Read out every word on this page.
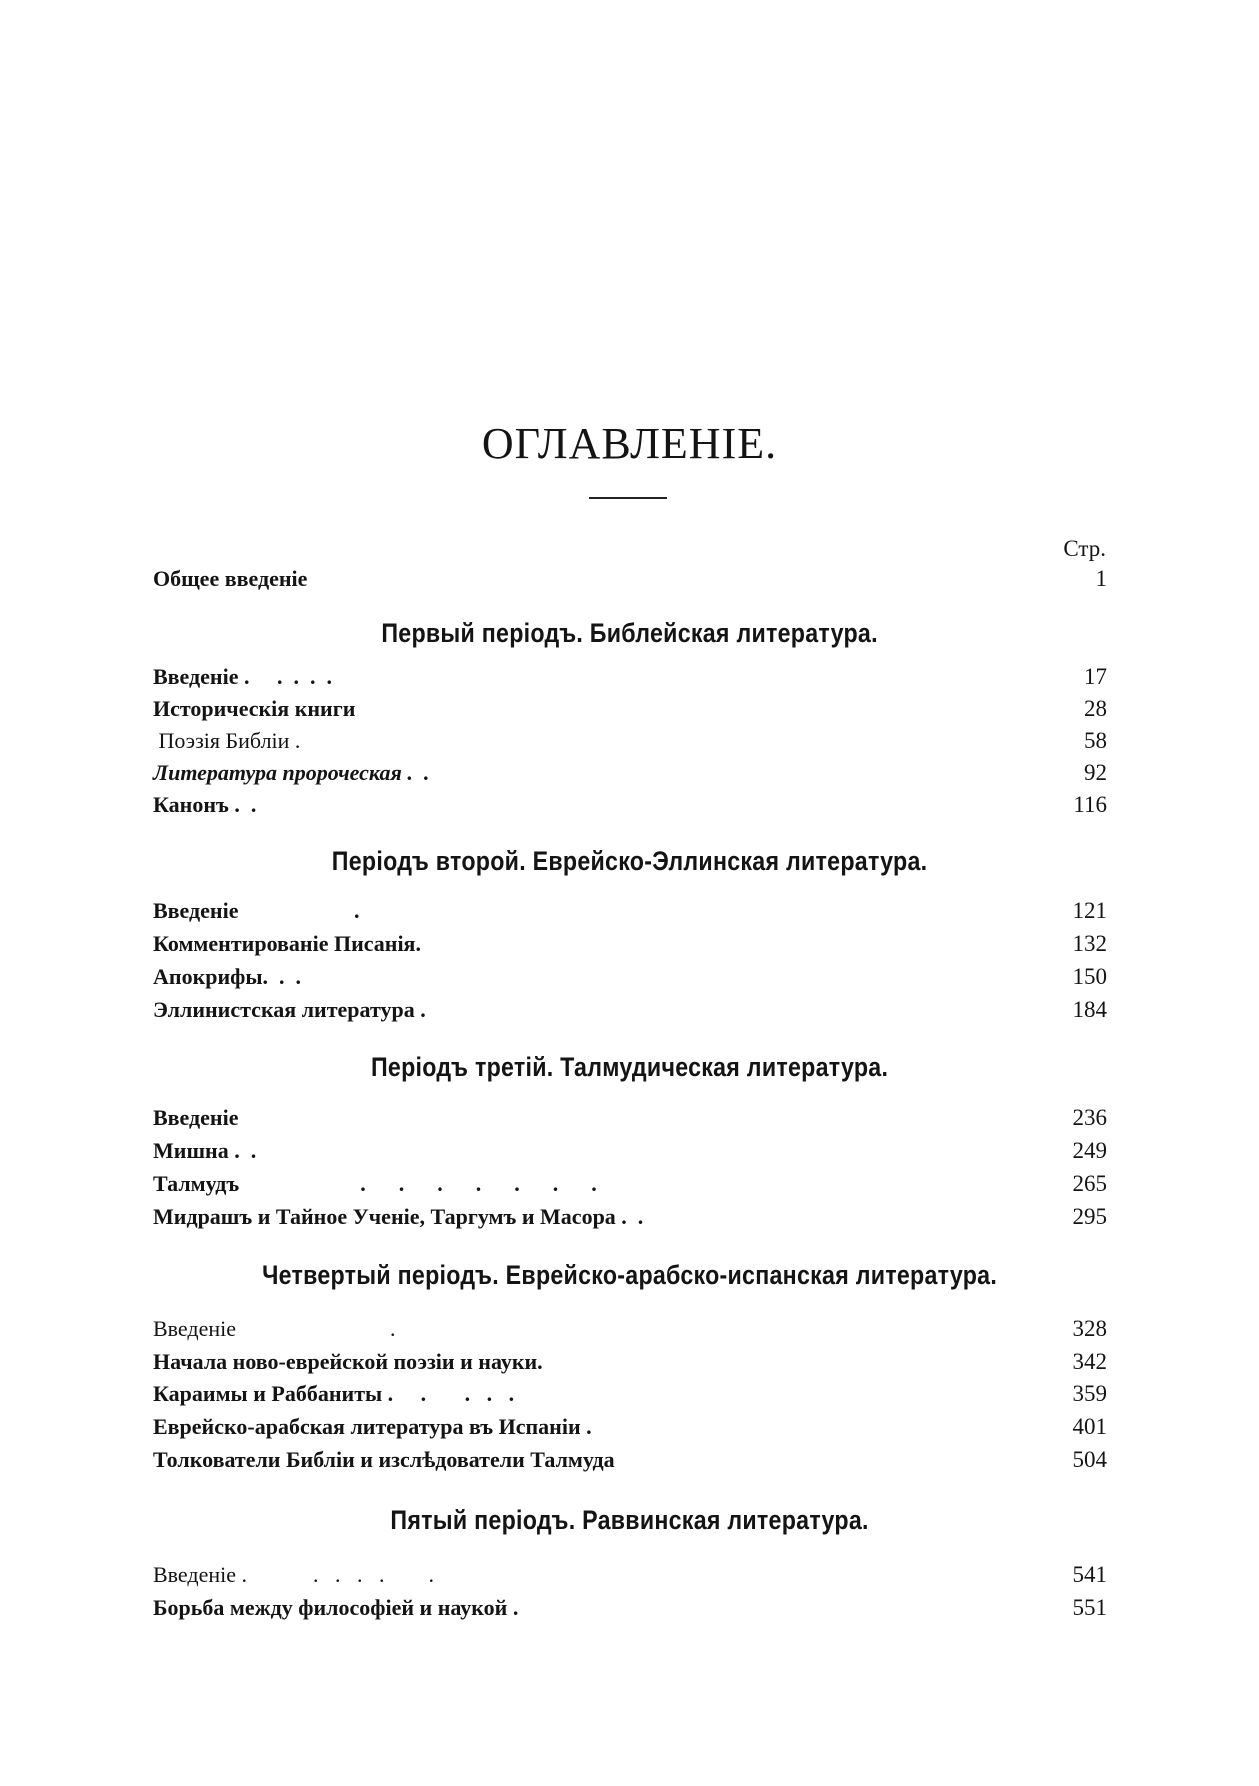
ОГЛАВЛЕНІЕ.
Стр.
Общее введеніе	1
Первый періодъ. Библейская литература.
Введеніе .     .  .  .  .	17
Историческія книги	28
Поэзія Библіи .	58
Литература пророческая .  .	92
Канонъ .  .	116
Періодъ второй. Еврейско-Эллинская литература.
Введеніе                     .	121
Комментированіе Писанія.	132
Апокрифы.  .  .	150
Эллинистская литература .	184
Періодъ третій. Талмудическая литература.
Введеніе	236
Мишна .  .	249
Талмудъ                      .      .      .      .      .      .      .	265
Мидрашъ и Тайное Ученіе, Таргумъ и Масора .  .	295
Четвертый періодъ. Еврейско-арабско-испанская литература.
Введеніе                            .	328
Начала ново-еврейской поэзіи и науки.	342
Караимы и Раббаниты .     .       .   .   .	359
Еврейско-арабская литература въ Испаніи .	401
Толкователи Библіи и изслѣдователи Талмуда	504
Пятый періодъ. Раввинская литература.
Введеніе .            .   .   .   .        .	541
Борьба между философіей и наукой .	551
